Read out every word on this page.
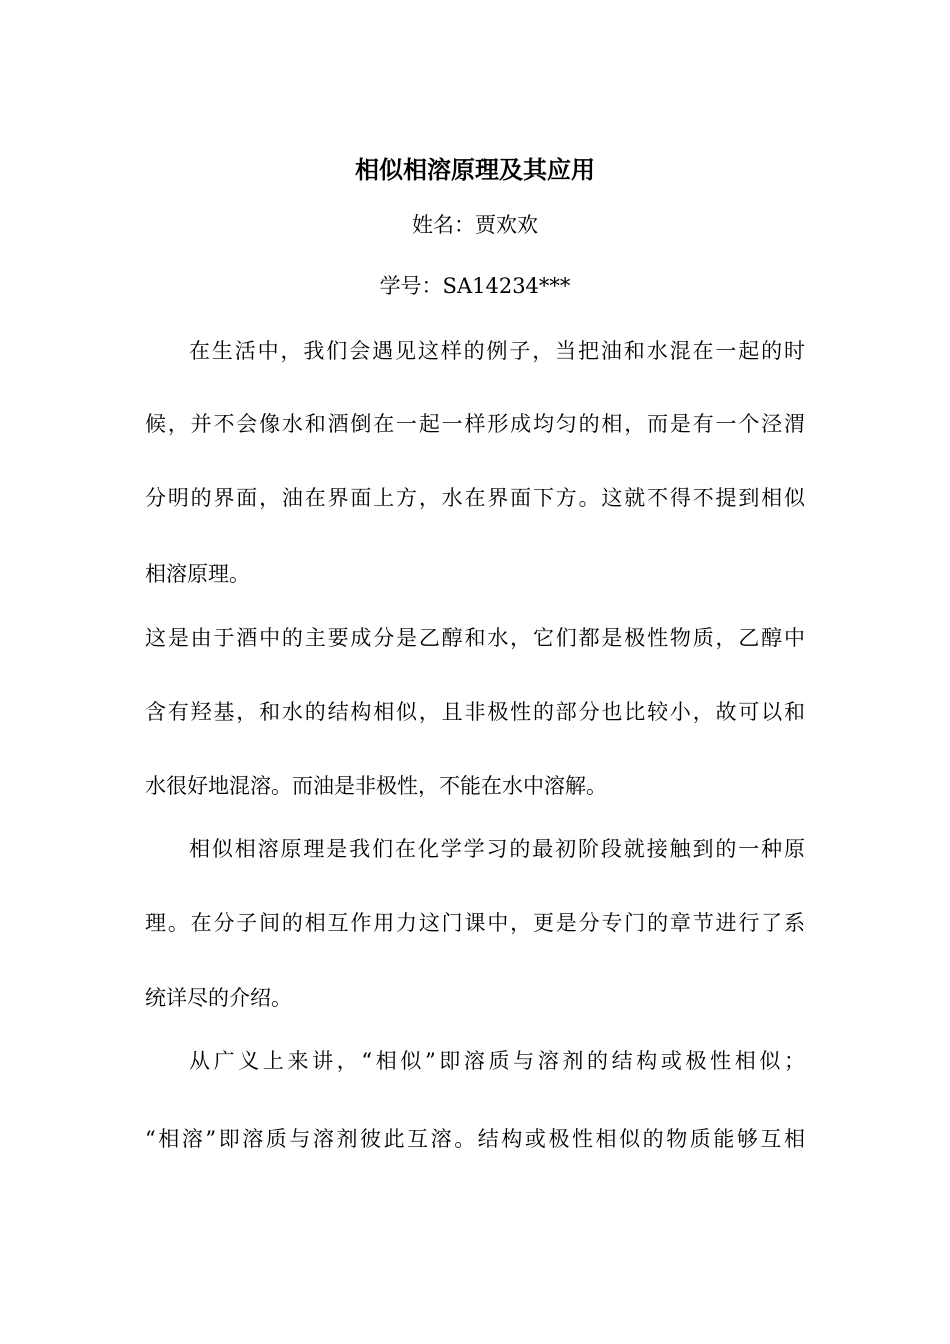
相似相溶原理及其应用
姓名：贾欢欢
学号：SA14234***
在生活中，我们会遇见这样的例子，当把油和水混在一起的时
候，并不会像水和酒倒在一起一样形成均匀的相，而是有一个泾渭
分明的界面，油在界面上方，水在界面下方。这就不得不提到相似
相溶原理。
这是由于酒中的主要成分是乙醇和水，它们都是极性物质，乙醇中
含有羟基，和水的结构相似，且非极性的部分也比较小，故可以和
水很好地混溶。而油是非极性，不能在水中溶解。
相似相溶原理是我们在化学学习的最初阶段就接触到的一种原
理。在分子间的相互作用力这门课中，更是分专门的章节进行了系
统详尽的介绍。
从广义上来讲，“相似”即溶质与溶剂的结构或极性相似；
“相溶”即溶质与溶剂彼此互溶。结构或极性相似的物质能够互相
